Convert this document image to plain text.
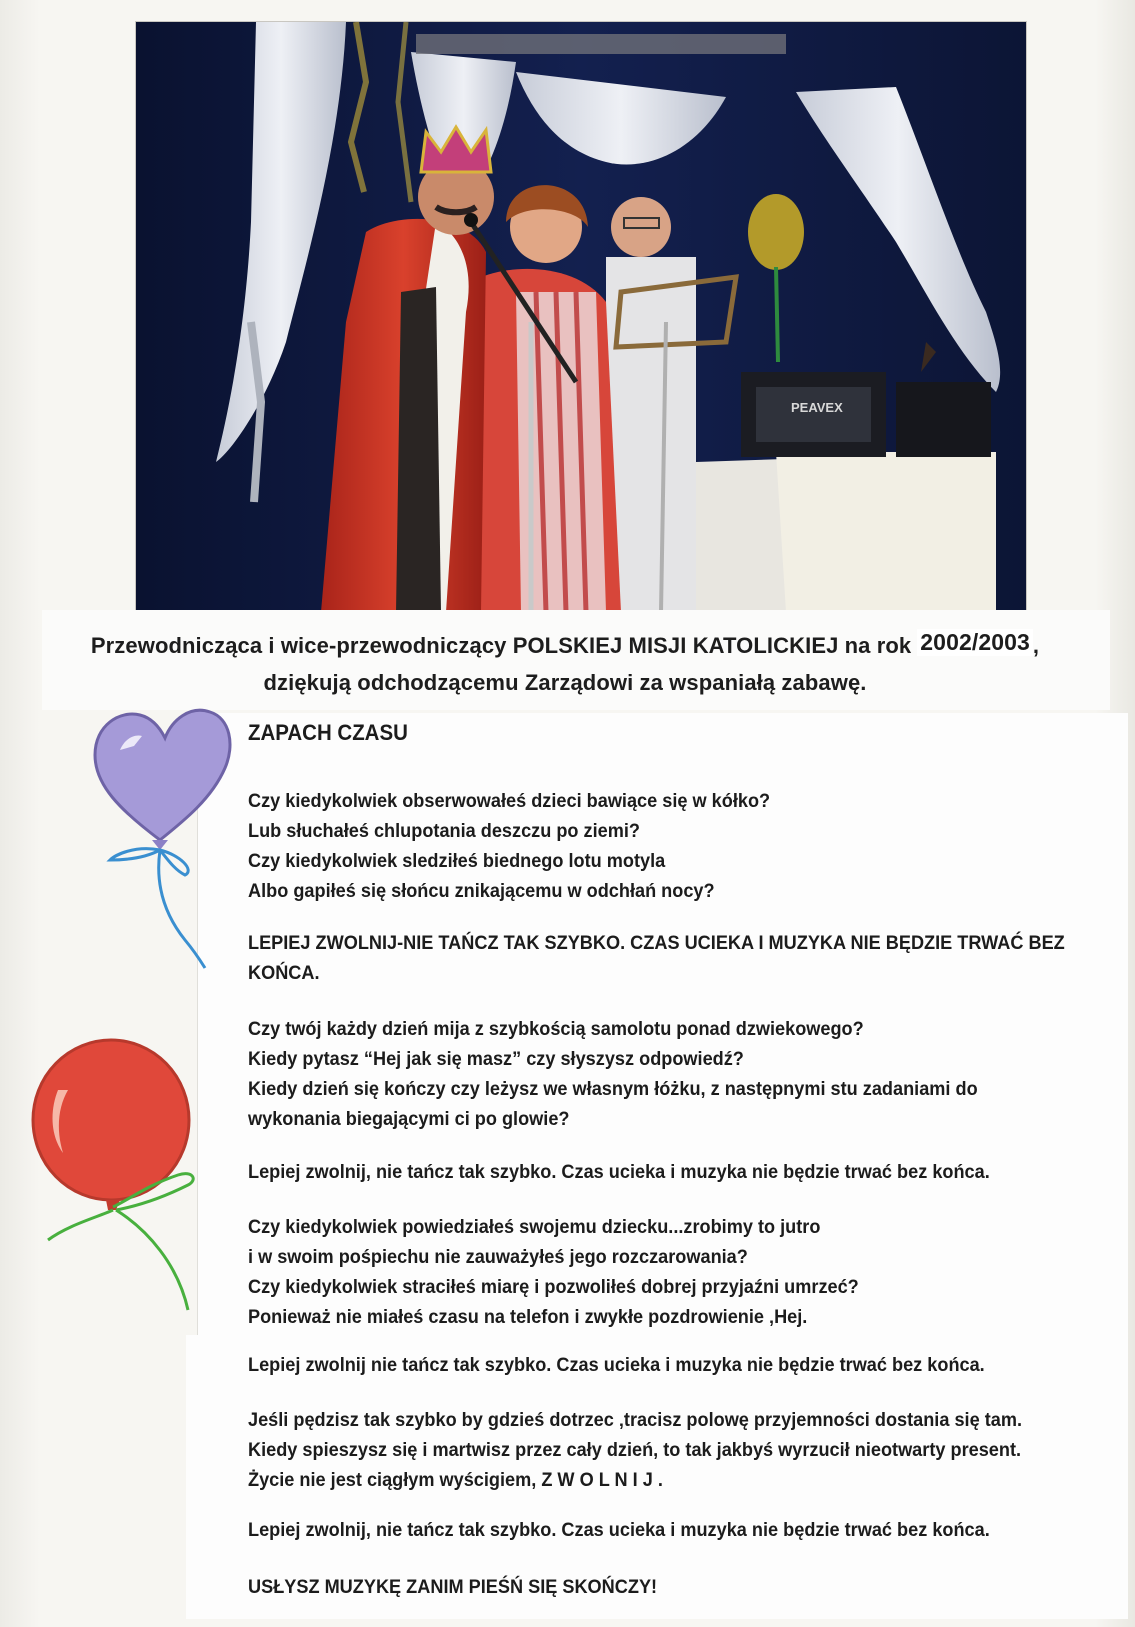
PEAVEX
Przewodnicząca i wice-przewodniczący POLSKIEJ MISJI KATOLICKIEJ na rok 2002/2003 ,
dziękują odchodzącemu Zarządowi za wspaniałą zabawę.
ZAPACH CZASU

Czy kiedykolwiek obserwowałeś dzieci bawiące się w kółko?

Lub słuchałeś chlupotania deszczu po ziemi?

Czy kiedykolwiek sledziłeś biednego lotu motyla

Albo gapiłeś się słońcu znikającemu w odchłań nocy?

LEPIEJ ZWOLNIJ-NIE TAŃCZ TAK SZYBKO. CZAS UCIEKA I MUZYKA NIE BĘDZIE TRWAĆ BEZ

KOŃCA.

Czy twój każdy dzień mija z szybkością samolotu ponad dzwiekowego?

Kiedy pytasz “Hej jak się masz” czy słyszysz odpowiedź?

Kiedy dzień się kończy czy leżysz we własnym łóżku, z następnymi stu zadaniami do

wykonania biegającymi ci po glowie?

Lepiej zwolnij, nie tańcz tak szybko. Czas ucieka i muzyka nie będzie trwać bez końca.

Czy kiedykolwiek powiedziałeś swojemu dziecku...zrobimy to jutro

i w swoim pośpiechu nie zauważyłeś jego rozczarowania?

Czy kiedykolwiek straciłeś miarę i pozwoliłeś dobrej przyjaźni umrzeć?

Ponieważ nie miałeś czasu na telefon i zwykłe pozdrowienie ‚Hej.

Lepiej zwolnij nie tańcz tak szybko. Czas ucieka i muzyka nie będzie trwać bez końca.

Jeśli pędzisz tak szybko by gdzieś dotrzec ‚tracisz polowę przyjemności dostania się tam.

Kiedy spieszysz się i martwisz przez cały dzień, to tak jakbyś wyrzucił nieotwarty present.

Życie nie jest ciągłym wyścigiem, Z W O L N I J .

Lepiej zwolnij, nie tańcz tak szybko. Czas ucieka i muzyka nie będzie trwać bez końca.
USŁYSZ MUZYKĘ ZANIM PIEŚŃ SIĘ SKOŃCZY!
